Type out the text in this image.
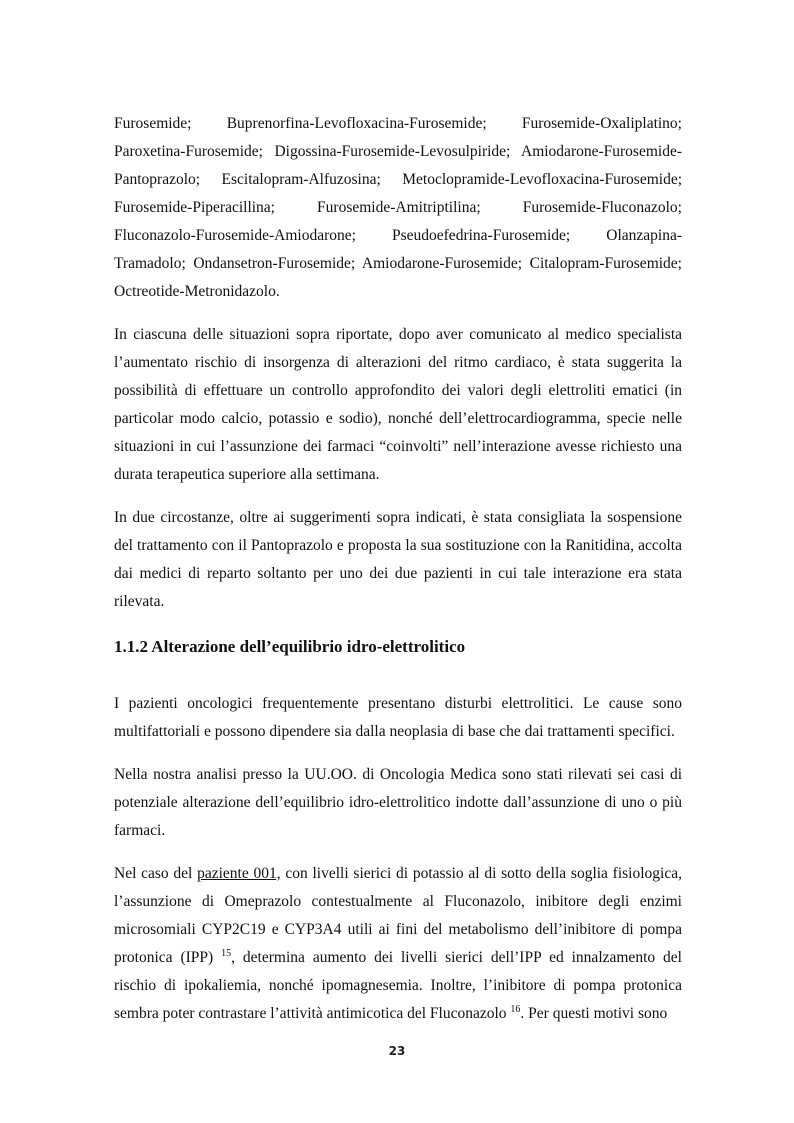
Furosemide; Buprenorfina-Levofloxacina-Furosemide; Furosemide-Oxaliplatino; Paroxetina-Furosemide; Digossina-Furosemide-Levosulpiride; Amiodarone-Furosemide-Pantoprazolo; Escitalopram-Alfuzosina; Metoclopramide-Levofloxacina-Furosemide; Furosemide-Piperacillina; Furosemide-Amitriptilina; Furosemide-Fluconazolo; Fluconazolo-Furosemide-Amiodarone; Pseudoefedrina-Furosemide; Olanzapina-Tramadolo; Ondansetron-Furosemide; Amiodarone-Furosemide; Citalopram-Furosemide; Octreotide-Metronidazolo.

In ciascuna delle situazioni sopra riportate, dopo aver comunicato al medico specialista l’aumentato rischio di insorgenza di alterazioni del ritmo cardiaco, è stata suggerita la possibilità di effettuare un controllo approfondito dei valori degli elettroliti ematici (in particolar modo calcio, potassio e sodio), nonché dell’elettrocardiogramma, specie nelle situazioni in cui l’assunzione dei farmaci “coinvolti” nell’interazione avesse richiesto una durata terapeutica superiore alla settimana.

In due circostanze, oltre ai suggerimenti sopra indicati, è stata consigliata la sospensione del trattamento con il Pantoprazolo e proposta la sua sostituzione con la Ranitidina, accolta dai medici di reparto soltanto per uno dei due pazienti in cui tale interazione era stata rilevata.

1.1.2 Alterazione dell’equilibrio idro-elettrolitico

I pazienti oncologici frequentemente presentano disturbi elettrolitici. Le cause sono multifattoriali e possono dipendere sia dalla neoplasia di base che dai trattamenti specifici.

Nella nostra analisi presso la UU.OO. di Oncologia Medica sono stati rilevati sei casi di potenziale alterazione dell’equilibrio idro-elettrolitico indotte dall’assunzione di uno o più farmaci.

Nel caso del paziente 001, con livelli sierici di potassio al di sotto della soglia fisiologica, l’assunzione di Omeprazolo contestualmente al Fluconazolo, inibitore degli enzimi microsomiali CYP2C19 e CYP3A4 utili ai fini del metabolismo dell’inibitore di pompa protonica (IPP) $^{15}$, determina aumento dei livelli sierici dell’IPP ed innalzamento del rischio di ipokaliemia, nonché ipomagnesemia. Inoltre, l’inibitore di pompa protonica sembra poter contrastare l’attività antimicotica del Fluconazolo $^{16}$. Per questi motivi sono

23
